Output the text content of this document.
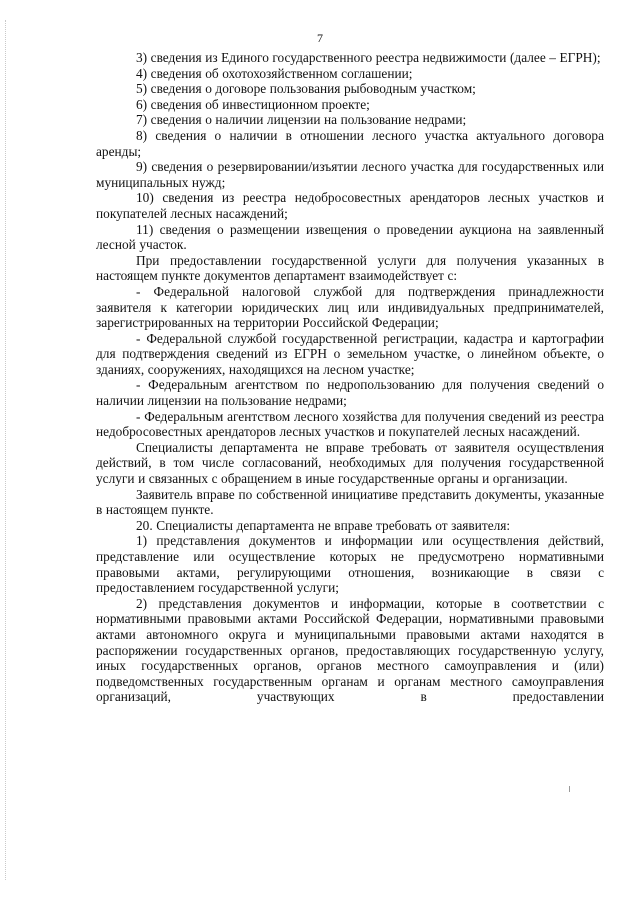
7

3) сведения из Единого государственного реестра недвижимости (далее – ЕГРН);

4) сведения об охотохозяйственном соглашении;

5) сведения о договоре пользования рыбоводным участком;

6) сведения об инвестиционном проекте;

7) сведения о наличии лицензии на пользование недрами;

8) сведения о наличии в отношении лесного участка актуального договора аренды;

9) сведения о резервировании/изъятии лесного участка для государственных или муниципальных нужд;

10) сведения из реестра недобросовестных арендаторов лесных участков и покупателей лесных насаждений;

11) сведения о размещении извещения о проведении аукциона на заявленный лесной участок.

При предоставлении государственной услуги для получения указанных в настоящем пункте документов департамент взаимодействует с:

- Федеральной налоговой службой для подтверждения принадлежности заявителя к категории юридических лиц или индивидуальных предпринимателей, зарегистрированных на территории Российской Федерации;

- Федеральной службой государственной регистрации, кадастра и картографии для подтверждения сведений из ЕГРН о земельном участке, о линейном объекте, о зданиях, сооружениях, находящихся на лесном участке;

- Федеральным агентством по недропользованию для получения сведений о наличии лицензии на пользование недрами;

- Федеральным агентством лесного хозяйства для получения сведений из реестра недобросовестных арендаторов лесных участков и покупателей лесных насаждений.

Специалисты департамента не вправе требовать от заявителя осуществления действий, в том числе согласований, необходимых для получения государственной услуги и связанных с обращением в иные государственные органы и организации.

Заявитель вправе по собственной инициативе представить документы, указанные в настоящем пункте.

20. Специалисты департамента не вправе требовать от заявителя:

1) представления документов и информации или осуществления действий, представление или осуществление которых не предусмотрено нормативными правовыми актами, регулирующими отношения, возникающие в связи с предоставлением государственной услуги;

2) представления документов и информации, которые в соответствии с нормативными правовыми актами Российской Федерации, нормативными правовыми актами автономного округа и муниципальными правовыми актами находятся в распоряжении государственных органов, предоставляющих государственную услугу, иных государственных органов, органов местного самоуправления и (или) подведомственных государственным органам и органам местного самоуправления организаций, участвующих в предоставлении
